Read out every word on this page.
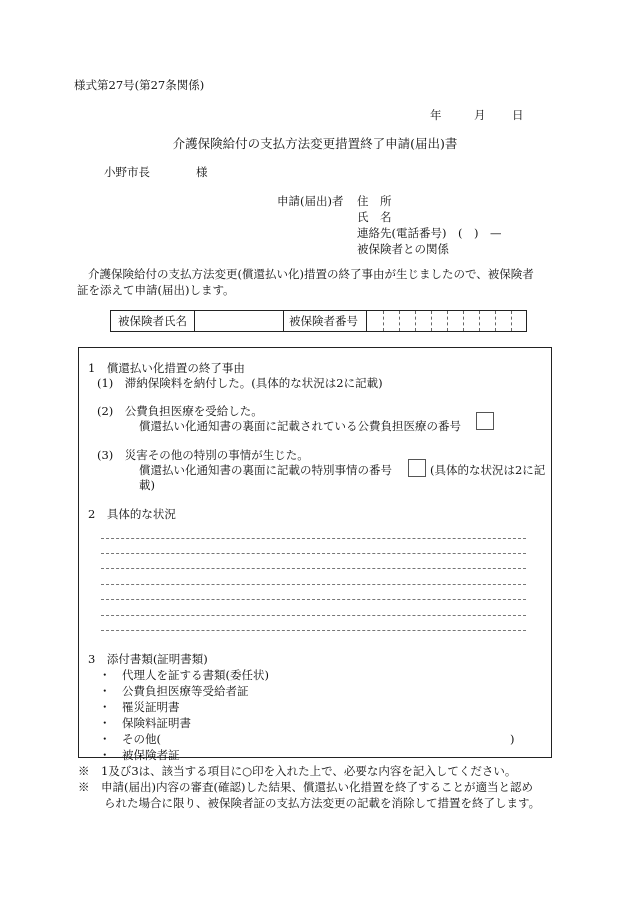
様式第27号(第27条関係)
年	月 日
介護保険給付の支払方法変更措置終了申請(届出)書
小野市長	様
申請(届出)者 住　所
氏　名
連絡先(電話番号)　(　)　—
被保険者との関係
介護保険給付の支払方法変更(償還払い化)措置の終了事由が生じましたので、被保険者
証を添えて申請(届出)します。
被保険者氏名	被保険者番号
1　償還払い化措置の終了事由
(1)　滞納保険料を納付した。(具体的な状況は2に記載)
(2)　公費負担医療を受給した。
償還払い化通知書の裏面に記載されている公費負担医療の番号
(3)　災害その他の特別の事情が生じた。
償還払い化通知書の裏面に記載の特別事情の番号	(具体的な状況は2に記
載)
2　具体的な状況
3　添付書類(証明書類)
・　代理人を証する書類(委任状)
・　公費負担医療等受給者証
・　罹災証明書
・　保険料証明書
・　その他(	)
・　被保険者証
※　1及び3は、該当する項目に○印を入れた上で、必要な内容を記入してください。
※　申請(届出)内容の審査(確認)した結果、償還払い化措置を終了することが適当と認め
られた場合に限り、被保険者証の支払方法変更の記載を消除して措置を終了します。
